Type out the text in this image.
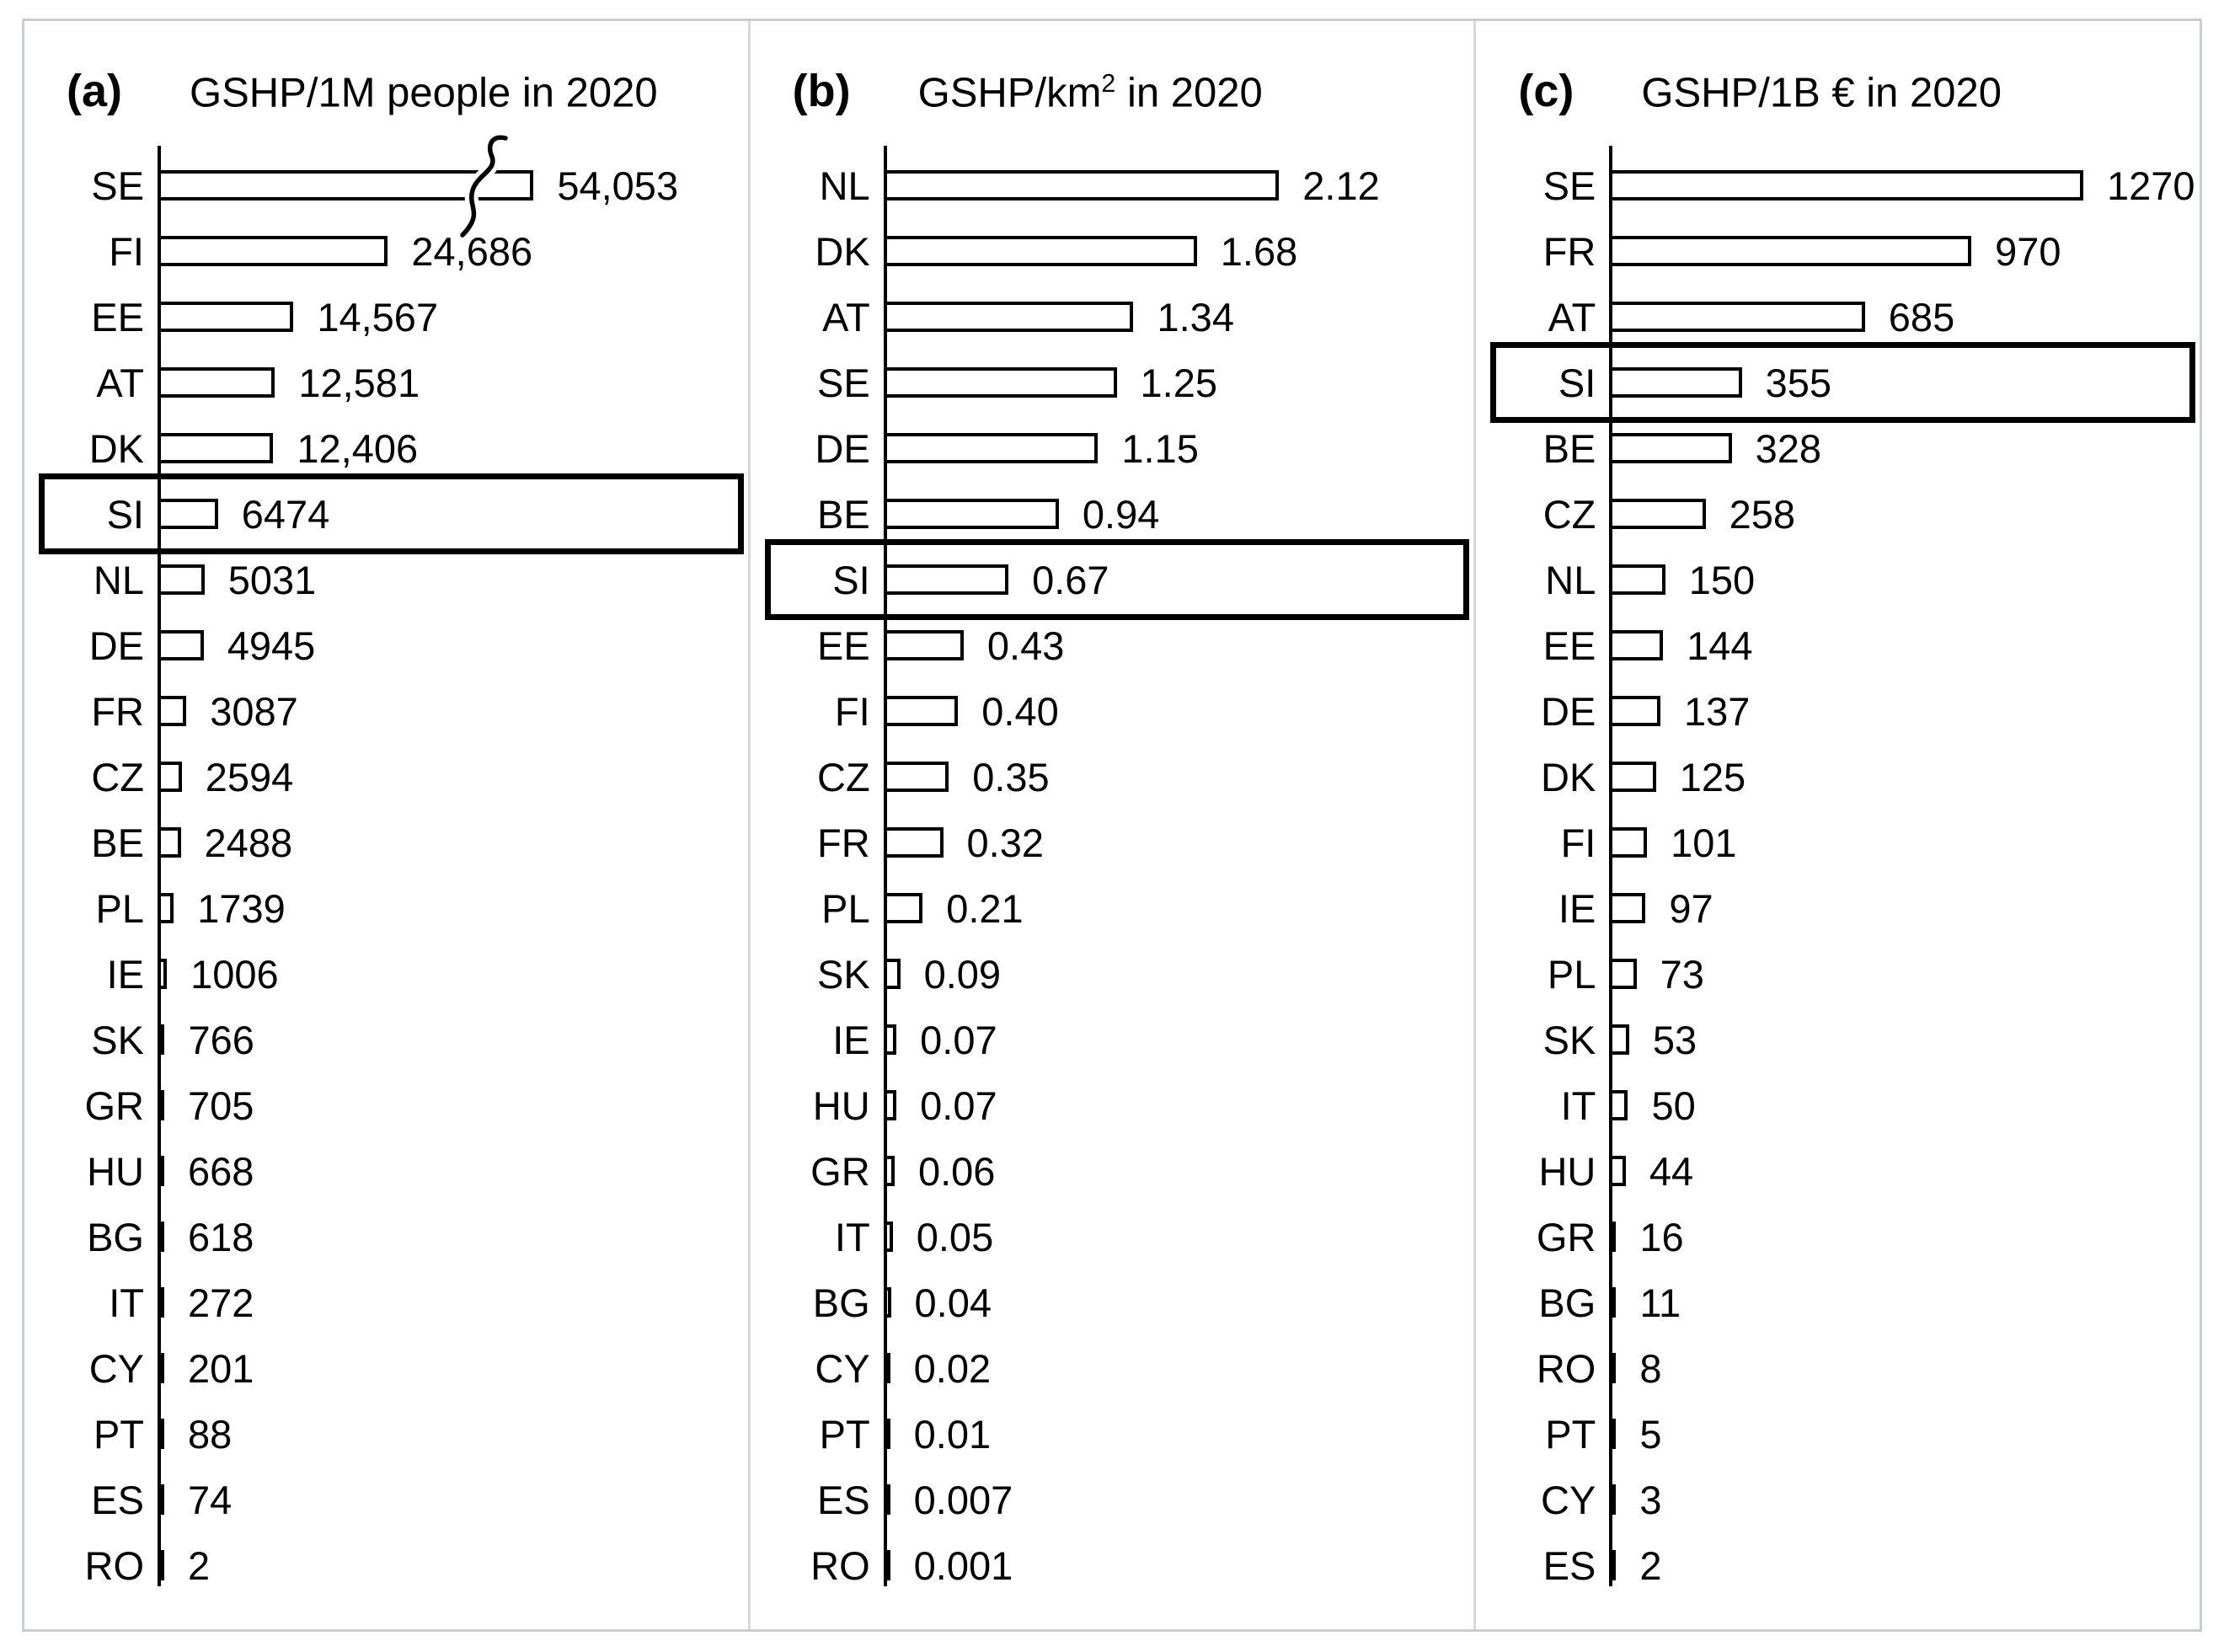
(a) GSHP/1M people in 2020
SE	54,053
FI	24,686
EE	14,567
AT	12,581
DK	12,406
SI	6474
NL	5031
DE	4945
FR	3087
CZ	2594
BE	2488
PL	1739
IE	1006
SK	766
GR	705
HU	668
BG	618
IT	272
CY	201
PT	88
ES	74
RO	2
(b) GSHP/$km^2$ in 2020
NL	2.12
DK	1.68
AT	1.34
SE	1.25
DE	1.15
BE	0.94
SI	0.67
EE	0.43
FI	0.40
CZ	0.35
FR	0.32
PL	0.21
SK	0.09
IE	0.07
HU	0.07
GR	0.06
IT	0.05
BG	0.04
CY	0.02
PT	0.01
ES	0.007
RO	0.001
(c) GSHP/1B € in 2020
SE	1270
FR	970
AT	685
SI	355
BE	328
CZ	258
NL	150
EE	144
DE	137
DK	125
FI	101
IE	97
PL	73
SK	53
IT	50
HU	44
GR	16
BG	11
RO	8
PT	5
CY	3
ES	2
